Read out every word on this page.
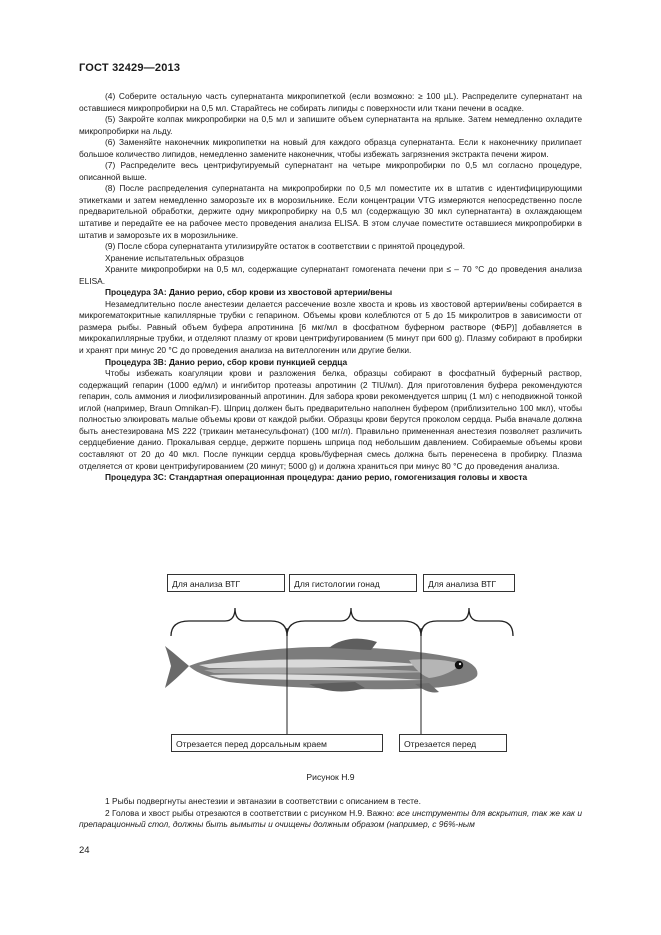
ГОСТ 32429—2013

(4) Соберите остальную часть супернатанта микропипеткой (если возможно: ≥ 100 µL). Распределите супернатант на оставшиеся микропробирки на 0,5 мл. Старайтесь не собирать липиды с поверхности или ткани печени в осадке.

(5) Закройте колпак микропробирки на 0,5 мл и запишите объем супернатанта на ярлыке. Затем немедленно охладите микропробирки на льду.

(6) Заменяйте наконечник микропипетки на новый для каждого образца супернатанта. Если к наконечнику прилипает большое количество липидов, немедленно замените наконечник, чтобы избежать загрязнения экстракта печени жиром.

(7) Распределите весь центрифугируемый супернатант на четыре микропробирки по 0,5 мл согласно процедуре, описанной выше.

(8) После распределения супернатанта на микропробирки по 0,5 мл поместите их в штатив с идентифицирующими этикетками и затем немедленно заморозьте их в морозильнике. Если концентрации VTG измеряются непосредственно после предварительной обработки, держите одну микропробирку на 0,5 мл (содержащую 30 мкл супернатанта) в охлаждающем штативе и передайте ее на рабочее место проведения анализа ELISA. В этом случае поместите оставшиеся микропробирки в штатив и заморозьте их в морозильнике.

(9) После сбора супернатанта утилизируйте остаток в соответствии с принятой процедурой.

Хранение испытательных образцов

Храните микропробирки на 0,5 мл, содержащие супернатант гомогената печени при ≤ – 70 °С до проведения анализа ELISA.

Процедура 3А: Данио рерио, сбор крови из хвостовой артерии/вены

Незамедлительно после анестезии делается рассечение возле хвоста и кровь из хвостовой артерии/вены собирается в микрогематокритные капиллярные трубки с гепарином. Объемы крови колеблются от 5 до 15 микролитров в зависимости от размера рыбы. Равный объем буфера апротинина [6 мкг/мл в фосфатном буферном растворе (ФБР)] добавляется в микрокапиллярные трубки, и отделяют плазму от крови центрифугированием (5 минут при 600 g). Плазму собирают в пробирки и хранят при минус 20 °С до проведения анализа на вителлогенин или другие белки.

Процедура 3В: Данио рерио, сбор крови пункцией сердца

Чтобы избежать коагуляции крови и разложения белка, образцы собирают в фосфатный буферный раствор, содержащий гепарин (1000 ед/мл) и ингибитор протеазы апротинин (2 TIU/мл). Для приготовления буфера рекомендуются гепарин, соль аммония и лиофилизированный апротинин. Для забора крови рекомендуется шприц (1 мл) с неподвижной тонкой иглой (например, Braun Omnikan-F). Шприц должен быть предварительно наполнен буфером (приблизительно 100 мкл), чтобы полностью элюировать малые объемы крови от каждой рыбки. Образцы крови берутся проколом сердца. Рыба вначале должна быть анестезирована MS 222 (трикаин метанесульфонат) (100 мг/л). Правильно примененная анестезия позволяет различить сердцебиение данио. Прокалывая сердце, держите поршень шприца под небольшим давлением. Собираемые объемы крови составляют от 20 до 40 мкл. После пункции сердца кровь/буферная смесь должна быть перенесена в пробирку. Плазма отделяется от крови центрифугированием (20 минут; 5000 g) и должна храниться при минус 80 °С до проведения анализа.

Процедура 3С: Стандартная операционная процедура: данио рерио, гомогенизация головы и хвоста

Для анализа ВТГ	Для гистологии гонад	Для анализа ВТГ
Отрезается перед дорсальным краем	Отрезается перед
Рисунок Н.9

1 Рыбы подвергнуты анестезии и эвтаназии в соответствии с описанием в тесте.

2 Голова и хвост рыбы отрезаются в соответствии с рисунком Н.9. Важно: все инструменты для вскрытия, так же как и препарационный стол, должны быть вымыты и очищены должным образом (например, с 96%-ным

24
